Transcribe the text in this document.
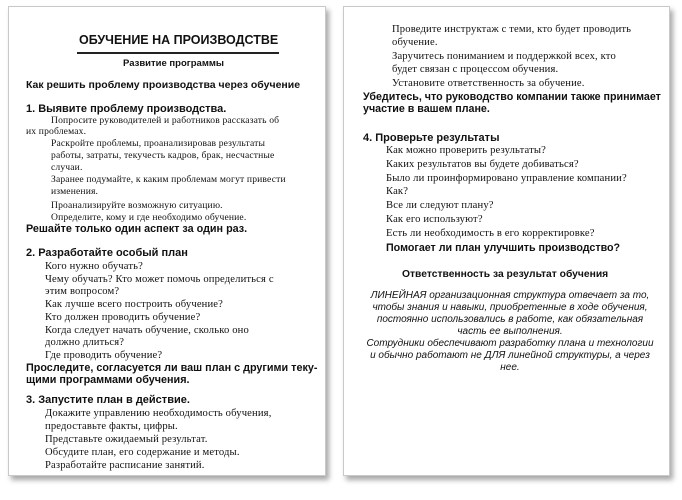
ОБУЧЕНИЕ НА ПРОИЗВОДСТВЕ
Развитие программы
Как решить проблему производства через обучение
1. Выявите проблему производства.
Попросите руководителей и работников рассказать об
их проблемах.
Раскройте проблемы, проанализировав результаты
работы, затраты, текучесть кадров, брак, несчастные
случаи.
Заранее подумайте, к каким проблемам могут привести
изменения.
Проанализируйте возможную ситуацию.
Определите, кому и где необходимо обучение.
Решайте только один аспект за один раз.
2. Разработайте особый план
Кого нужно обучать?
Чему обучать? Кто может помочь определиться с
этим вопросом?
Как лучше всего построить обучение?
Кто должен проводить обучение?
Когда следует начать обучение, сколько оно
должно длиться?
Где проводить обучение?
Проследите, согласуется ли ваш план с другими теку-
щими программами обучения.
3. Запустите план в действие.
Докажите управлению необходимость обучения,
предоставьте факты, цифры.
Представьте ожидаемый результат.
Обсудите план, его содержание и методы.
Разработайте расписание занятий.
Проведите инструктаж с теми, кто будет проводить
обучение.
Заручитесь пониманием и поддержкой всех, кто
будет связан с процессом обучения.
Установите ответственность за обучение.
Убедитесь, что руководство компании также принимает
участие в вашем плане.
4. Проверьте результаты
Как можно проверить результаты?
Каких результатов вы будете добиваться?
Было ли проинформировано управление компании?
Как?
Все ли следуют плану?
Как его используют?
Есть ли необходимость в его корректировке?
Помогает ли план улучшить производство?
Ответственность за результат обучения
ЛИНЕЙНАЯ организационная структура отвечает за то, чтобы знания и навыки, приобретенные в ходе обучения, постоянно использовались в работе, как обязательная часть ее выполнения.
Сотрудники обеспечивают разработку плана и технологии и обычно работают не ДЛЯ линейной структуры, а через нее.
